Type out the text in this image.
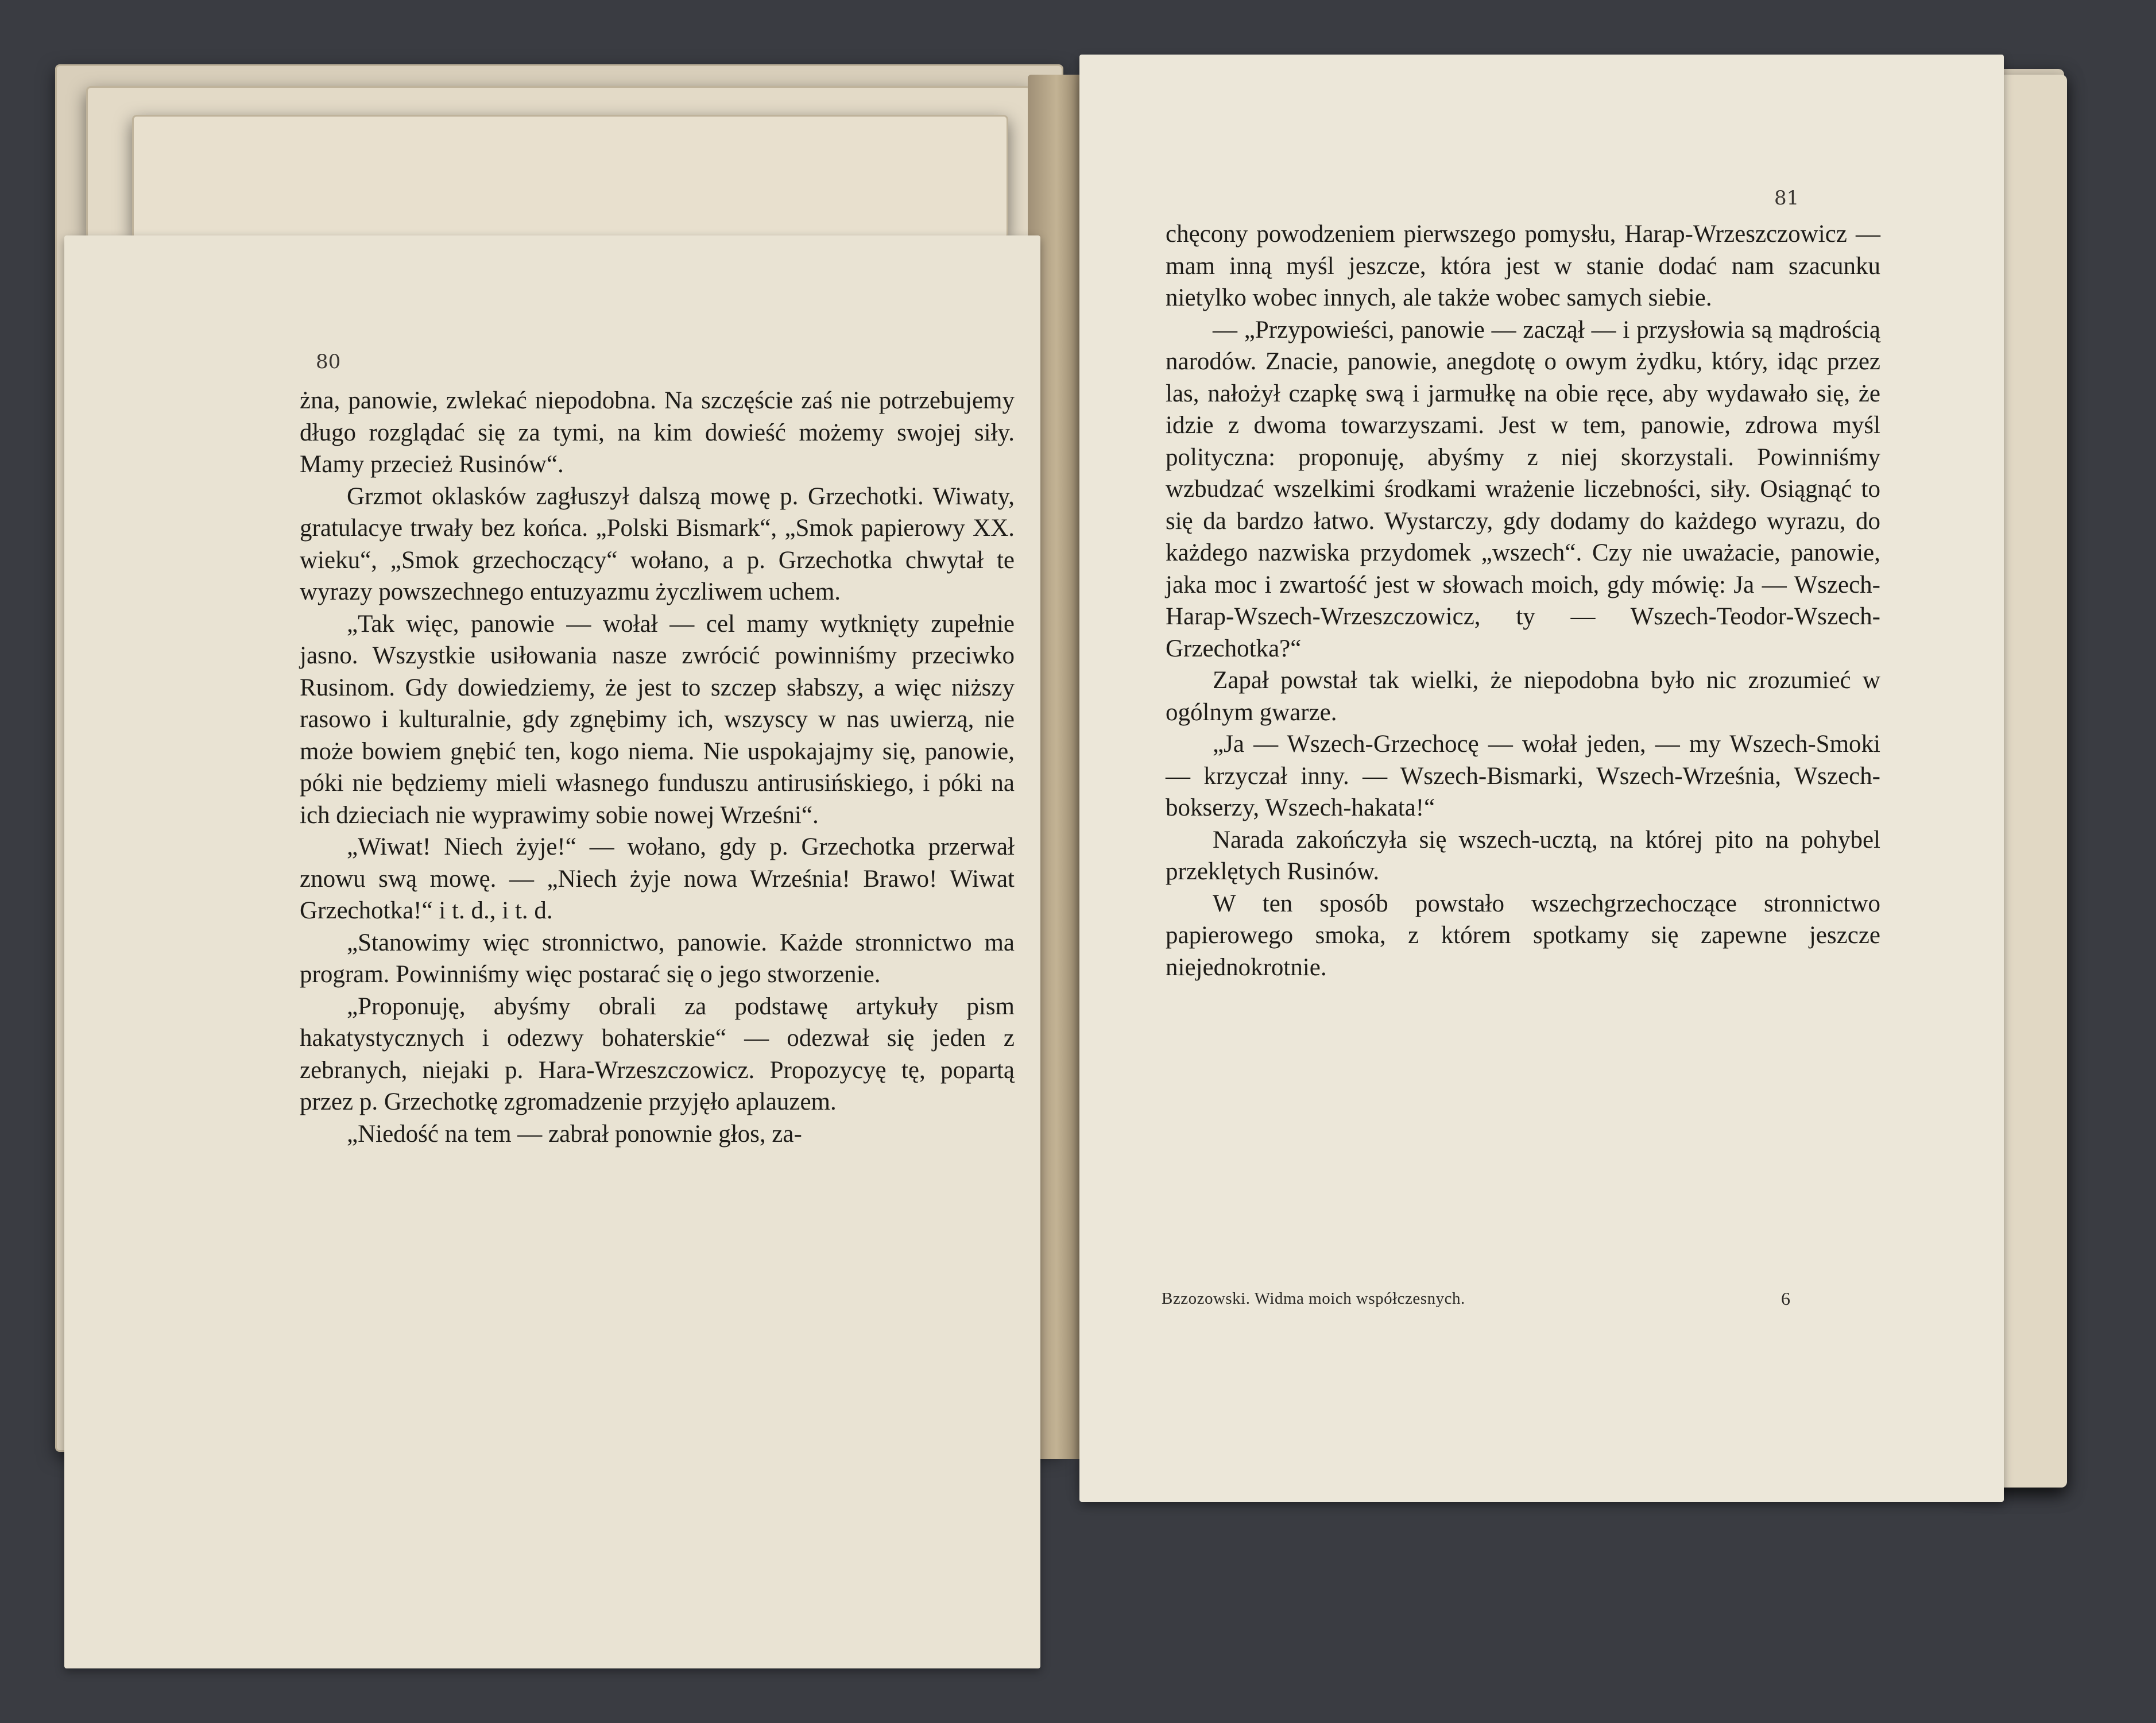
80

żna, panowie, zwlekać niepodobna. Na szczęście zaś nie potrzebujemy długo rozglądać się za tymi, na kim dowieść możemy swojej siły. Mamy przecież Rusinów“.

Grzmot oklasków zagłuszył dalszą mowę p. Grzechotki. Wiwaty, gratulacye trwały bez końca. „Polski Bismark“, „Smok papierowy XX. wieku“, „Smok grzechoczący“ wołano, a p. Grzechotka chwytał te wyrazy powszechnego entuzyazmu życzliwem uchem.

„Tak więc, panowie — wołał — cel mamy wytknięty zupełnie jasno. Wszystkie usiłowania nasze zwrócić powinniśmy przeciwko Rusinom. Gdy dowiedziemy, że jest to szczep słabszy, a więc niższy rasowo i kulturalnie, gdy zgnębimy ich, wszyscy w nas uwierzą, nie może bowiem gnębić ten, kogo niema. Nie uspokajajmy się, panowie, póki nie będziemy mieli własnego funduszu antirusińskiego, i póki na ich dzieciach nie wyprawimy sobie nowej Wrześni“.

„Wiwat! Niech żyje!“ — wołano, gdy p. Grzechotka przerwał znowu swą mowę. — „Niech żyje nowa Września! Brawo! Wiwat Grzechotka!“ i t. d., i t. d.

„Stanowimy więc stronnictwo, panowie. Każde stronnictwo ma program. Powinniśmy więc postarać się o jego stworzenie.

„Proponuję, abyśmy obrali za podstawę artykuły pism hakatystycznych i odezwy bohaterskie“ — odezwał się jeden z zebranych, niejaki p. Hara-Wrzeszczowicz. Propozycyę tę, popartą przez p. Grzechotkę zgromadzenie przyjęło aplauzem.

„Niedość na tem — zabrał ponownie głos, za-

81

chęcony powodzeniem pierwszego pomysłu, Harap-Wrzeszczowicz — mam inną myśl jeszcze, która jest w stanie dodać nam szacunku nietylko wobec innych, ale także wobec samych siebie.

— „Przypowieści, panowie — zaczął — i przysłowia są mądrością narodów. Znacie, panowie, anegdotę o owym żydku, który, idąc przez las, nałożył czapkę swą i jarmułkę na obie ręce, aby wydawało się, że idzie z dwoma towarzyszami. Jest w tem, panowie, zdrowa myśl polityczna: proponuję, abyśmy z niej skorzystali. Powinniśmy wzbudzać wszelkimi środkami wrażenie liczebności, siły. Osiągnąć to się da bardzo łatwo. Wystarczy, gdy dodamy do każdego wyrazu, do każdego nazwiska przydomek „wszech“. Czy nie uważacie, panowie, jaka moc i zwartość jest w słowach moich, gdy mówię: Ja — Wszech-Harap-Wszech-Wrzeszczowicz, ty — Wszech-Teodor-Wszech-Grzechotka?“

Zapał powstał tak wielki, że niepodobna było nic zrozumieć w ogólnym gwarze.

„Ja — Wszech-Grzechocę — wołał jeden, — my Wszech-Smoki — krzyczał inny. — Wszech-Bismarki, Wszech-Września, Wszech-bokserzy, Wszech-hakata!“

Narada zakończyła się wszech-ucztą, na której pito na pohybel przeklętych Rusinów.

W ten sposób powstało wszechgrzechoczące stronnictwo papierowego smoka, z którem spotkamy się zapewne jeszcze niejednokrotnie.

Bzzozowski. Widma moich współczesnych.	6
